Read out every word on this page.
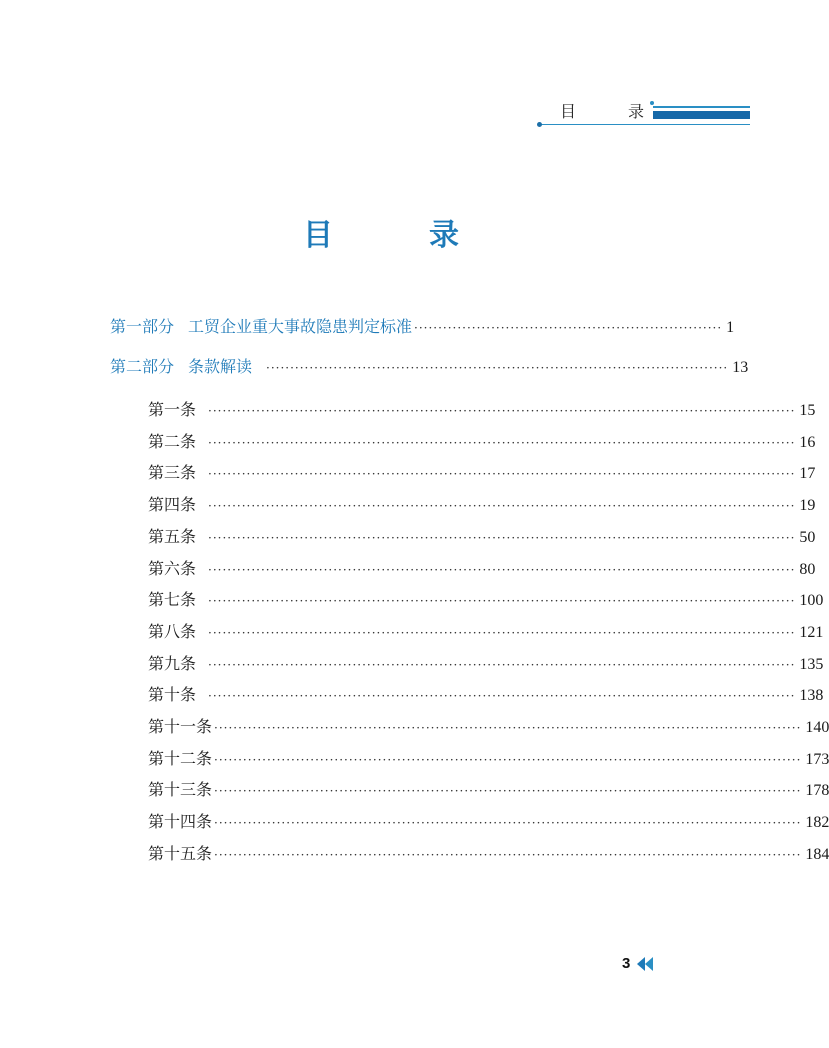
目	录
目	录
第一部分 工贸企业重大事故隐患判定标准 ································································ 1
第二部分 条款解读 ································································································ 13
第一条 ·························································································································· 15
第二条 ·························································································································· 16
第三条 ·························································································································· 17
第四条 ·························································································································· 19
第五条 ·························································································································· 50
第六条 ·························································································································· 80
第七条 ·························································································································· 100
第八条 ·························································································································· 121
第九条 ·························································································································· 135
第十条 ·························································································································· 138
第十一条 ·························································································································· 140
第十二条 ·························································································································· 173
第十三条 ·························································································································· 178
第十四条 ·························································································································· 182
第十五条 ·························································································································· 184
3
